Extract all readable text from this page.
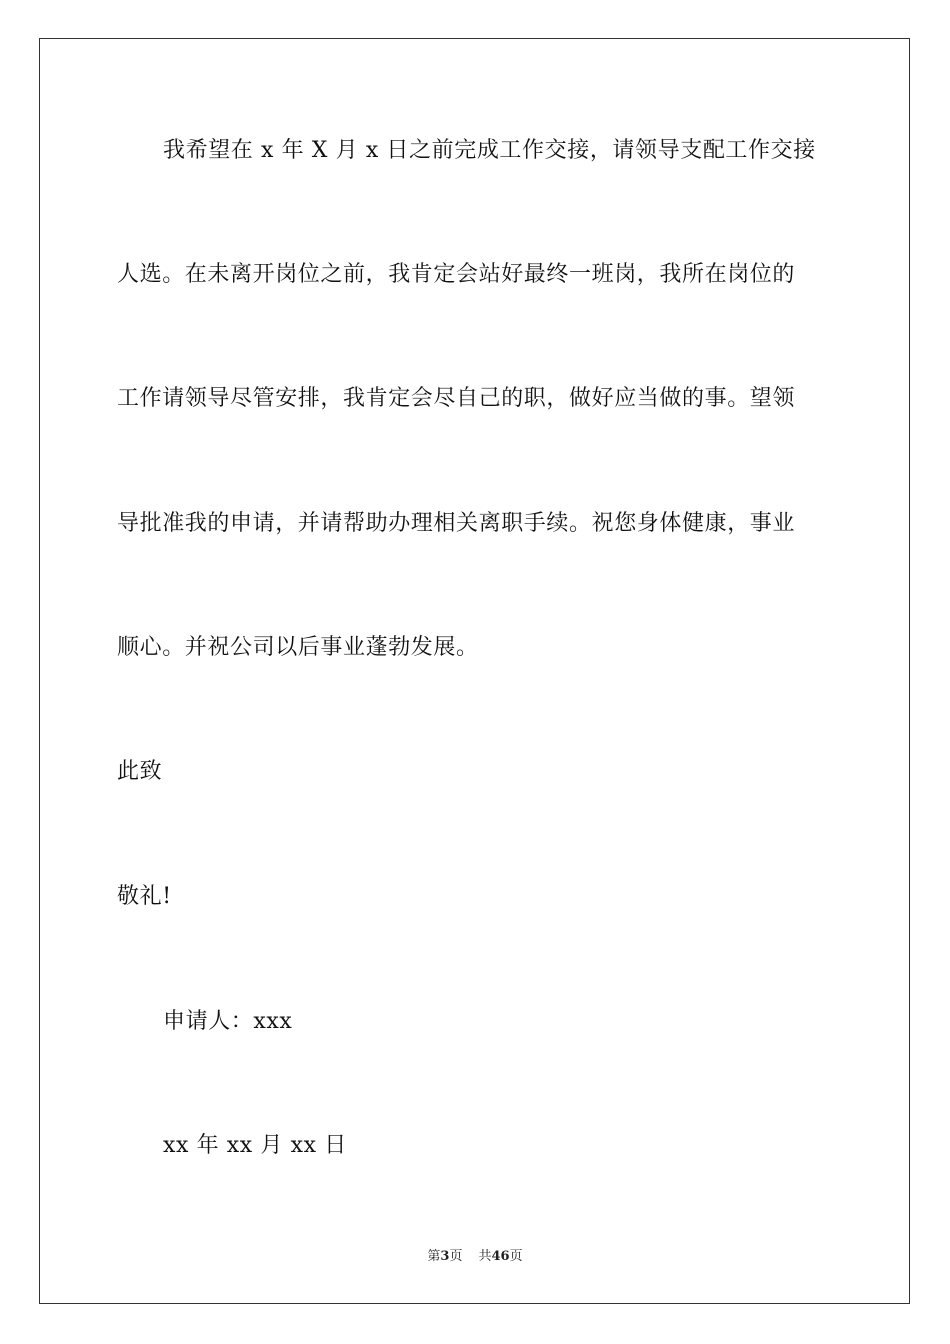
我希望在 x 年 X 月 x 日之前完成工作交接，请领导支配工作交接
人选。在未离开岗位之前，我肯定会站好最终一班岗，我所在岗位的
工作请领导尽管安排，我肯定会尽自己的职，做好应当做的事。望领
导批准我的申请，并请帮助办理相关离职手续。祝您身体健康，事业
顺心。并祝公司以后事业蓬勃发展。
此致
敬礼!
申请人：xxx
xx 年 xx 月 xx 日
第3页 共46页
